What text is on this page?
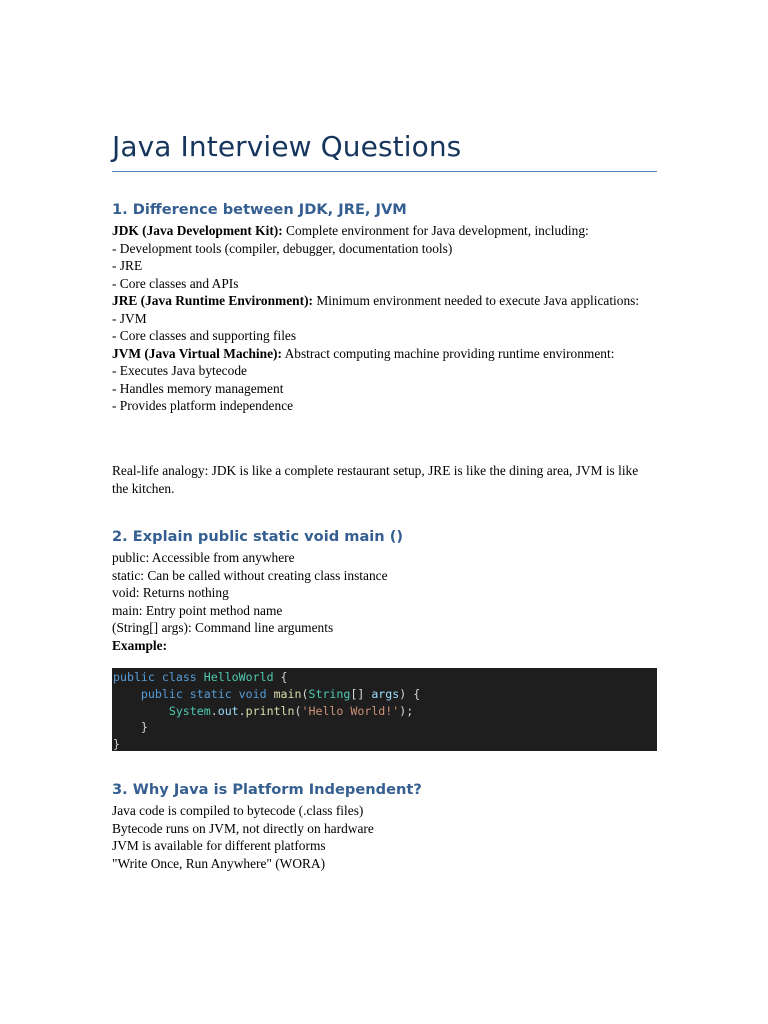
Java Interview Questions
1. Difference between JDK, JRE, JVM
JDK (Java Development Kit): Complete environment for Java development, including:
- Development tools (compiler, debugger, documentation tools)
- JRE
- Core classes and APIs
JRE (Java Runtime Environment): Minimum environment needed to execute Java applications:
- JVM
- Core classes and supporting files
JVM (Java Virtual Machine): Abstract computing machine providing runtime environment:
- Executes Java bytecode
- Handles memory management
- Provides platform independence
Real-life analogy: JDK is like a complete restaurant setup, JRE is like the dining area, JVM is like the kitchen.
2. Explain public static void main ()
public: Accessible from anywhere
static: Can be called without creating class instance
void: Returns nothing
main: Entry point method name
(String[] args): Command line arguments
Example:
public class HelloWorld {
public static void main(String[] args) {
System.out.println('Hello World!');
}
}
3. Why Java is Platform Independent?
Java code is compiled to bytecode (.class files)
Bytecode runs on JVM, not directly on hardware
JVM is available for different platforms
"Write Once, Run Anywhere" (WORA)
